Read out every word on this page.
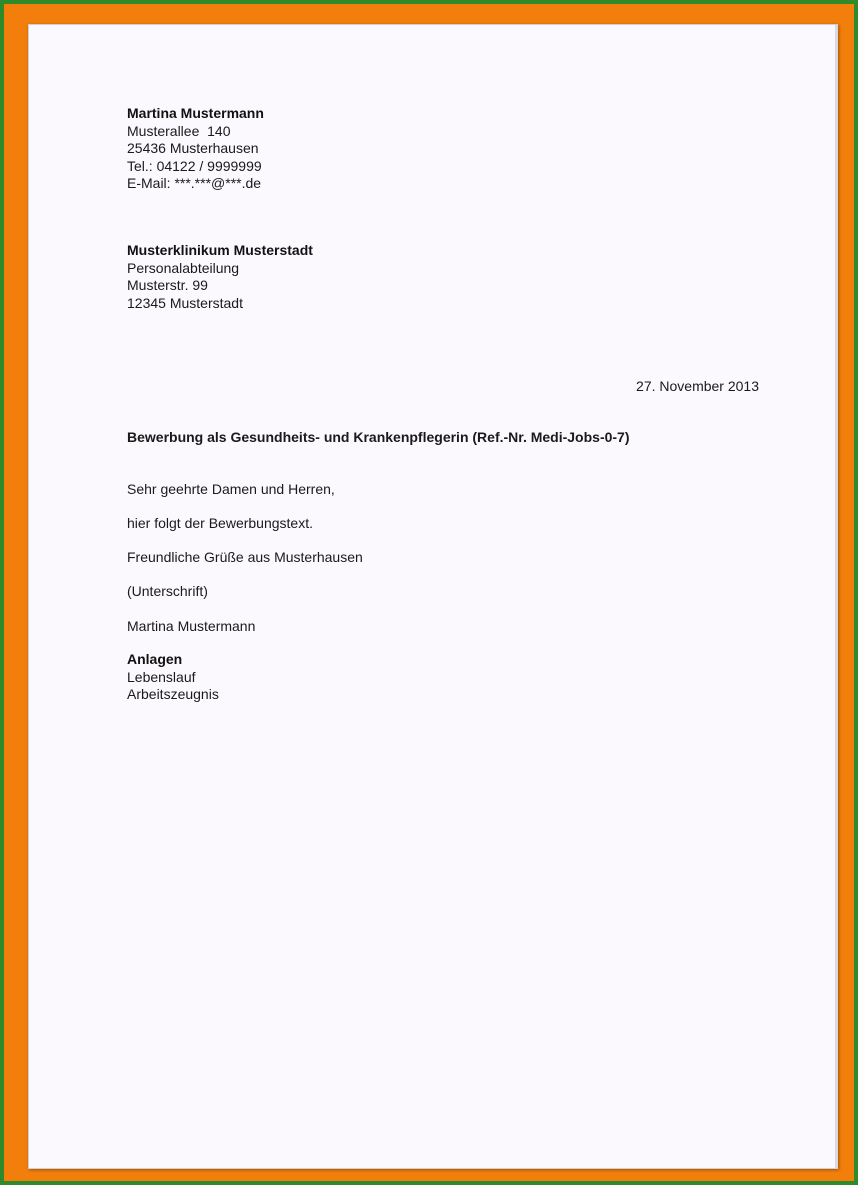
Martina Mustermann
Musterallee  140
25436 Musterhausen
Tel.: 04122 / 9999999
E-Mail: ***.***@***.de
Musterklinikum Musterstadt
Personalabteilung
Musterstr. 99
12345 Musterstadt
27. November 2013
Bewerbung als Gesundheits- und Krankenpflegerin (Ref.-Nr. Medi-Jobs-0-7)
Sehr geehrte Damen und Herren,
hier folgt der Bewerbungstext.
Freundliche Grüße aus Musterhausen
(Unterschrift)
Martina Mustermann
Anlagen
Lebenslauf
Arbeitszeugnis
